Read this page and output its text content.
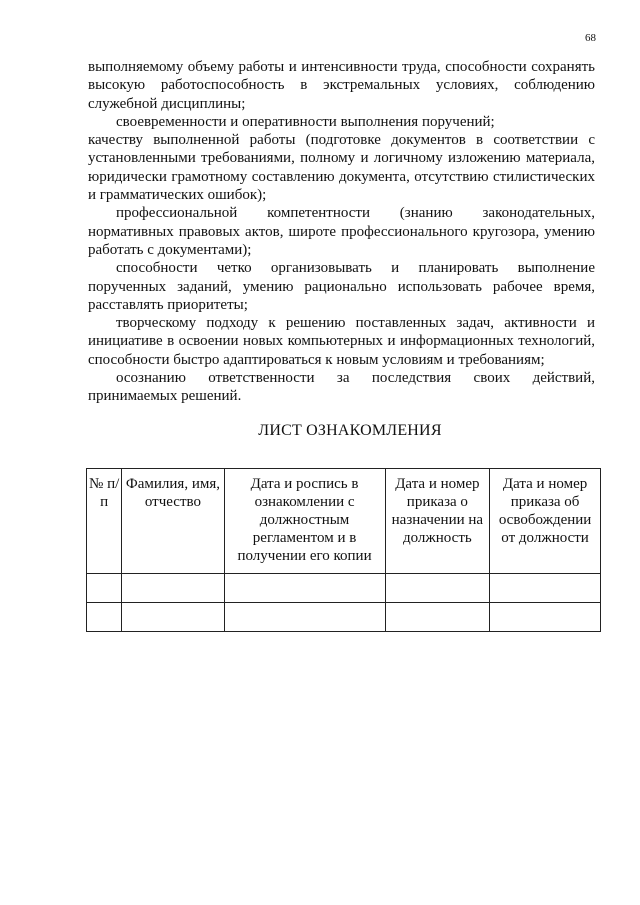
68

выполняемому объему работы и интенсивности труда, способности сохранять высокую работоспособность в экстремальных условиях, соблюдению служебной дисциплины;

своевременности и оперативности выполнения поручений;

качеству выполненной работы (подготовке документов в соответствии с установленными требованиями, полному и логичному изложению материала, юридически грамотному составлению документа, отсутствию стилистических и грамматических ошибок);

профессиональной компетентности (знанию законодательных, нормативных правовых актов, широте профессионального кругозора, умению работать с документами);

способности четко организовывать и планировать выполнение порученных заданий, умению рационально использовать рабочее время, расставлять приоритеты;

творческому подходу к решению поставленных задач, активности и инициативе в освоении новых компьютерных и информационных технологий, способности быстро адаптироваться к новым условиям и требованиям;

осознанию ответственности за последствия своих действий, принимаемых решений.

ЛИСТ ОЗНАКОМЛЕНИЯ
№ п/п	Фамилия, имя, отчество	Дата и роспись в ознакомлении с должностным регламентом и в получении его копии	Дата и номер приказа о назначении на должность	Дата и номер приказа об освобождении от должности
